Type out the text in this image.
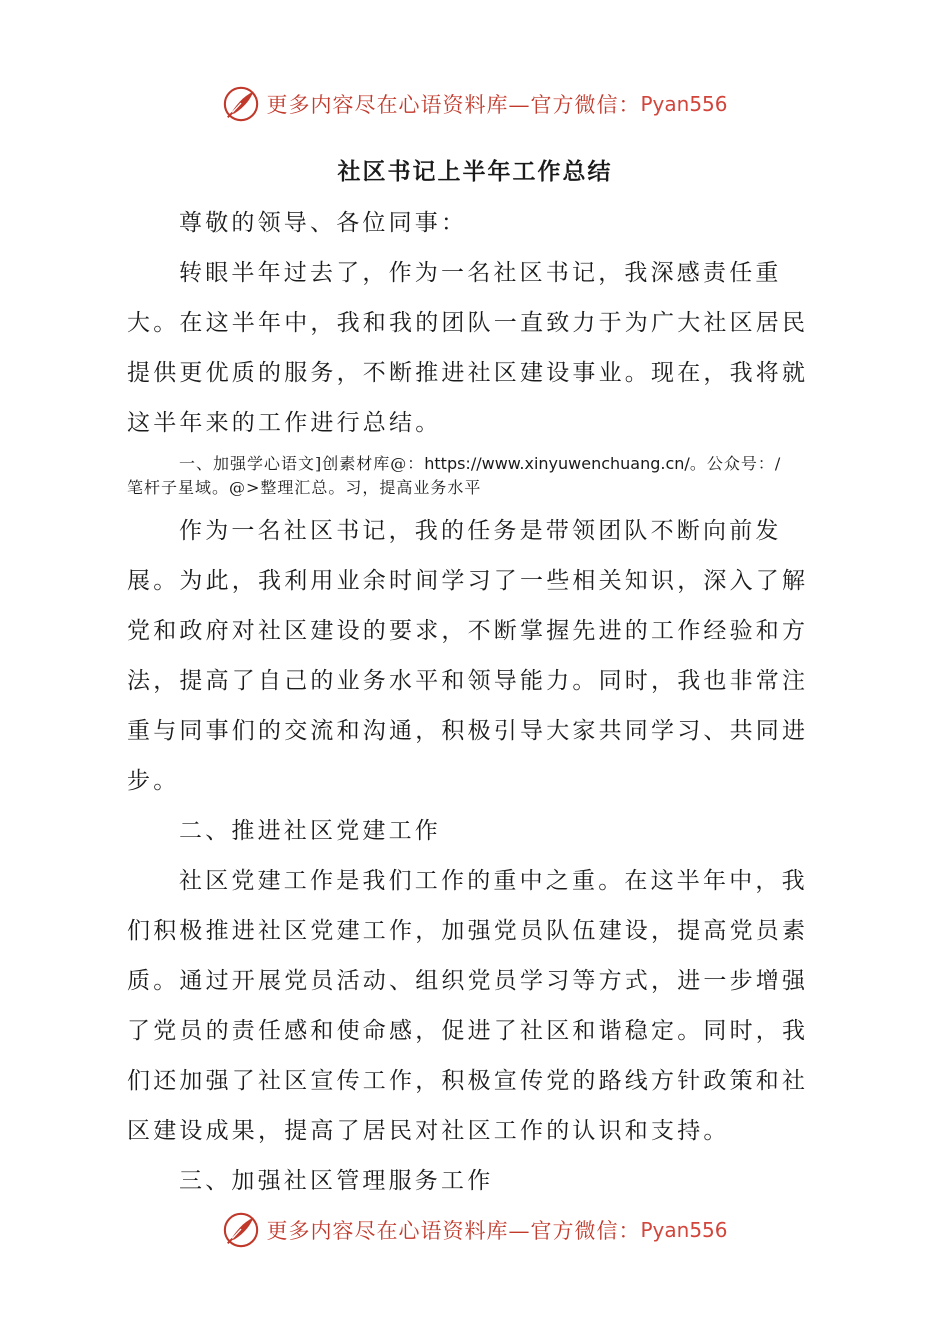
更多内容尽在心语资料库—官方微信： Pyan556
社区书记上半年工作总结

尊敬的领导、各位同事：

转眼半年过去了，作为一名社区书记，我深感责任重大。在这半年中，我和我的团队一直致力于为广大社区居民提供更优质的服务，不断推进社区建设事业。现在，我将就这半年来的工作进行总结。

一、加强学心语文]创素材库@：https://www.xinyuwenchuang.cn/。公众号：/
笔杆子星域。@>整理汇总。习，提高业务水平

作为一名社区书记，我的任务是带领团队不断向前发展。为此，我利用业余时间学习了一些相关知识，深入了解党和政府对社区建设的要求，不断掌握先进的工作经验和方法，提高了自己的业务水平和领导能力。同时，我也非常注重与同事们的交流和沟通，积极引导大家共同学习、共同进步。

二、推进社区党建工作

社区党建工作是我们工作的重中之重。在这半年中，我们积极推进社区党建工作，加强党员队伍建设，提高党员素质。通过开展党员活动、组织党员学习等方式，进一步增强了党员的责任感和使命感，促进了社区和谐稳定。同时，我们还加强了社区宣传工作，积极宣传党的路线方针政策和社区建设成果，提高了居民对社区工作的认识和支持。

三、加强社区管理服务工作

更多内容尽在心语资料库—官方微信： Pyan556
